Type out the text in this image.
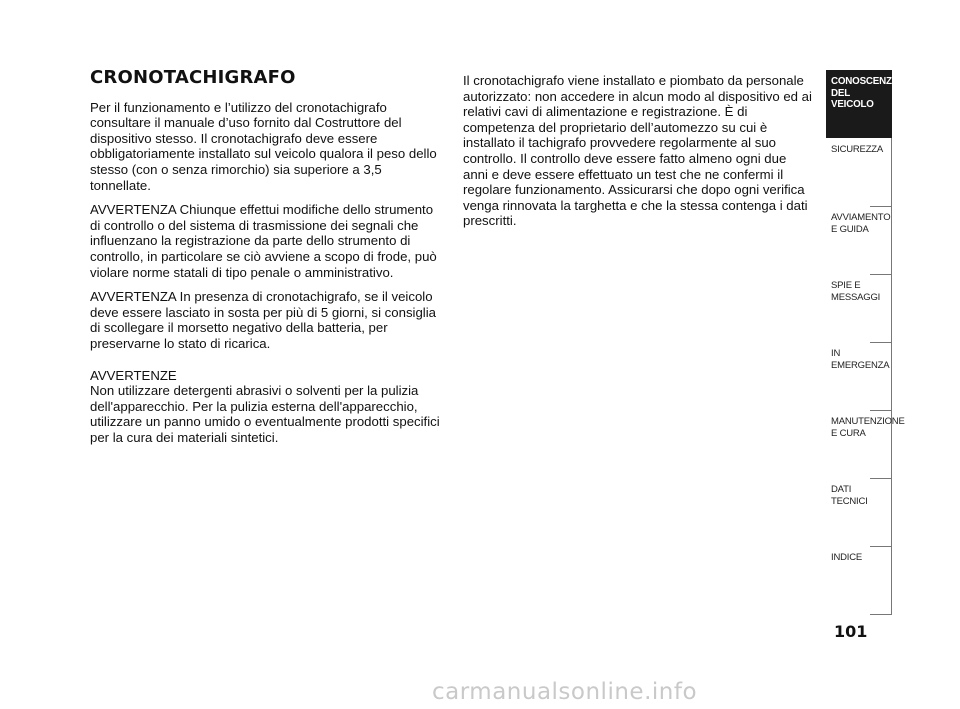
CRONOTACHIGRAFO

Per il funzionamento e l’utilizzo del cronotachigrafo consultare il manuale d’uso fornito dal Costruttore del dispositivo stesso. Il cronotachigrafo deve essere obbligatoriamente installato sul veicolo qualora il peso dello stesso (con o senza rimorchio) sia superiore a 3,5 tonnellate.

AVVERTENZA Chiunque effettui modifiche dello strumento di controllo o del sistema di trasmissione dei segnali che influenzano la registrazione da parte dello strumento di controllo, in particolare se ciò avviene a scopo di frode, può violare norme statali di tipo penale o amministrativo.

AVVERTENZA In presenza di cronotachigrafo, se il veicolo deve essere lasciato in sosta per più di 5 giorni, si consiglia di scollegare il morsetto negativo della batteria, per preservarne lo stato di ricarica.

AVVERTENZE

Non utilizzare detergenti abrasivi o solventi per la pulizia dell'apparecchio. Per la pulizia esterna dell'apparecchio, utilizzare un panno umido o eventualmente prodotti specifici per la cura dei materiali sintetici.

Il cronotachigrafo viene installato e piombato da personale autorizzato: non accedere in alcun modo al dispositivo ed ai relativi cavi di alimentazione e registrazione. È di competenza del proprietario dell’automezzo su cui è installato il tachigrafo provvedere regolarmente al suo controllo. Il controllo deve essere fatto almeno ogni due anni e deve essere effettuato un test che ne confermi il regolare funzionamento. Assicurarsi che dopo ogni verifica venga rinnovata la targhetta e che la stessa contenga i dati prescritti.

CONOSCENZA
DEL
VEICOLO
SICUREZZA
AVVIAMENTO
E GUIDA
SPIE E
MESSAGGI
IN EMERGENZA
MANUTENZIONE
E CURA
DATI TECNICI
INDICE
101
carmanualsonline.info
